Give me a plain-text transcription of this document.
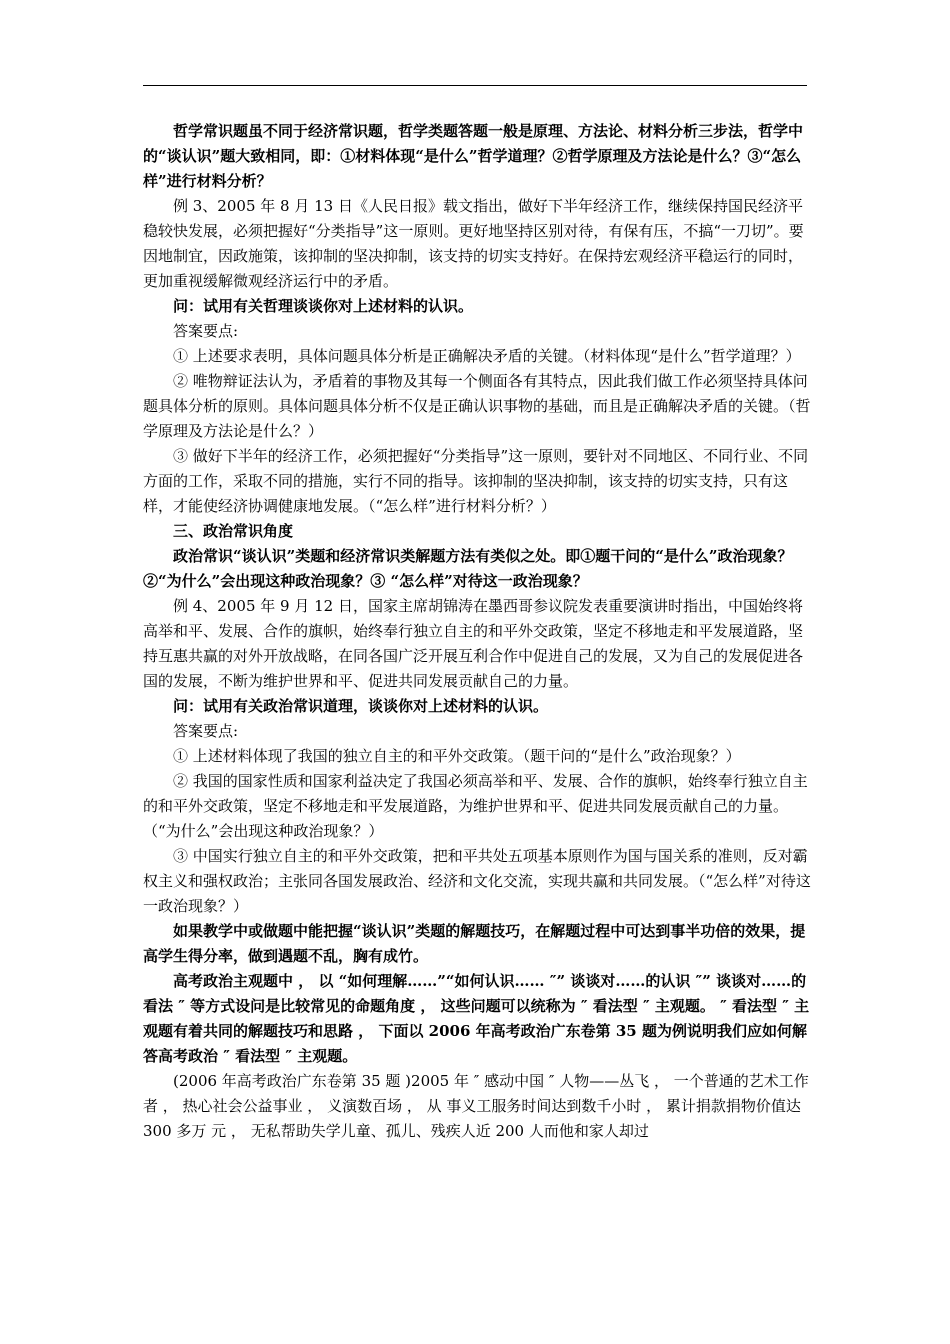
哲学常识题虽不同于经济常识题，哲学类题答题一般是原理、方法论、材料分析三步法，哲学中的“谈认识”题大致相同，即：①材料体现“是什么”哲学道理？②哲学原理及方法论是什么？③“怎么样”进行材料分析？

例 3、2005 年 8 月 13 日《人民日报》载文指出，做好下半年经济工作，继续保持国民经济平稳较快发展，必须把握好“分类指导”这一原则。更好地坚持区别对待，有保有压，不搞“一刀切”。要因地制宜，因政施策，该抑制的坚决抑制，该支持的切实支持好。在保持宏观经济平稳运行的同时，更加重视缓解微观经济运行中的矛盾。

问：试用有关哲理谈谈你对上述材料的认识。

答案要点:

① 上述要求表明，具体问题具体分析是正确解决矛盾的关键。（材料体现“是什么”哲学道理？）

② 唯物辩证法认为，矛盾着的事物及其每一个侧面各有其特点，因此我们做工作必须坚持具体问题具体分析的原则。具体问题具体分析不仅是正确认识事物的基础，而且是正确解决矛盾的关键。（哲学原理及方法论是什么？）

③ 做好下半年的经济工作，必须把握好“分类指导”这一原则，要针对不同地区、不同行业、不同方面的工作，采取不同的措施，实行不同的指导。该抑制的坚决抑制，该支持的切实支持，只有这样，才能使经济协调健康地发展。（“怎么样”进行材料分析？）

三、政治常识角度

政治常识“谈认识”类题和经济常识类解题方法有类似之处。即①题干问的“是什么”政治现象？②“为什么”会出现这种政治现象？③ “怎么样”对待这一政治现象？

例 4、2005 年 9 月 12 日，国家主席胡锦涛在墨西哥参议院发表重要演讲时指出，中国始终将高举和平、发展、合作的旗帜，始终奉行独立自主的和平外交政策，坚定不移地走和平发展道路，坚持互惠共赢的对外开放战略，在同各国广泛开展互利合作中促进自己的发展，又为自己的发展促进各国的发展，不断为维护世界和平、促进共同发展贡献自己的力量。

问：试用有关政治常识道理，谈谈你对上述材料的认识。

答案要点:

① 上述材料体现了我国的独立自主的和平外交政策。（题干问的“是什么”政治现象？）

② 我国的国家性质和国家利益决定了我国必须高举和平、发展、合作的旗帜，始终奉行独立自主的和平外交政策，坚定不移地走和平发展道路，为维护世界和平、促进共同发展贡献自己的力量。（“为什么”会出现这种政治现象？）

③ 中国实行独立自主的和平外交政策，把和平共处五项基本原则作为国与国关系的准则，反对霸权主义和强权政治；主张同各国发展政治、经济和文化交流，实现共赢和共同发展。（“怎么样”对待这一政治现象？）

如果教学中或做题中能把握“谈认识”类题的解题技巧，在解题过程中可达到事半功倍的效果，提高学生得分率，做到遇题不乱，胸有成竹。

高考政治主观题中 ， 以 “如何理解……”“如何认识…… ″” 谈谈对……的认识 ″” 谈谈对……的看法 ″ 等方式设问是比较常见的命题角度 ， 这些问题可以统称为 ″ 看法型 ″ 主观题。 ″ 看法型 ″ 主观题有着共同的解题技巧和思路 ， 下面以 2006 年高考政治广东卷第 35 题为例说明我们应如何解答高考政治 ″ 看法型 ″ 主观题。

(2006 年高考政治广东卷第 35 题 )2005 年 ″ 感动中国 ″ 人物——丛飞 ， 一个普通的艺术工作者 ， 热心社会公益事业 ， 义演数百场 ， 从 事义工服务时间达到数千小时 ， 累计捐款捐物价值达 300 多万 元 ， 无私帮助失学儿童、孤儿、残疾人近 200 人而他和家人却过
